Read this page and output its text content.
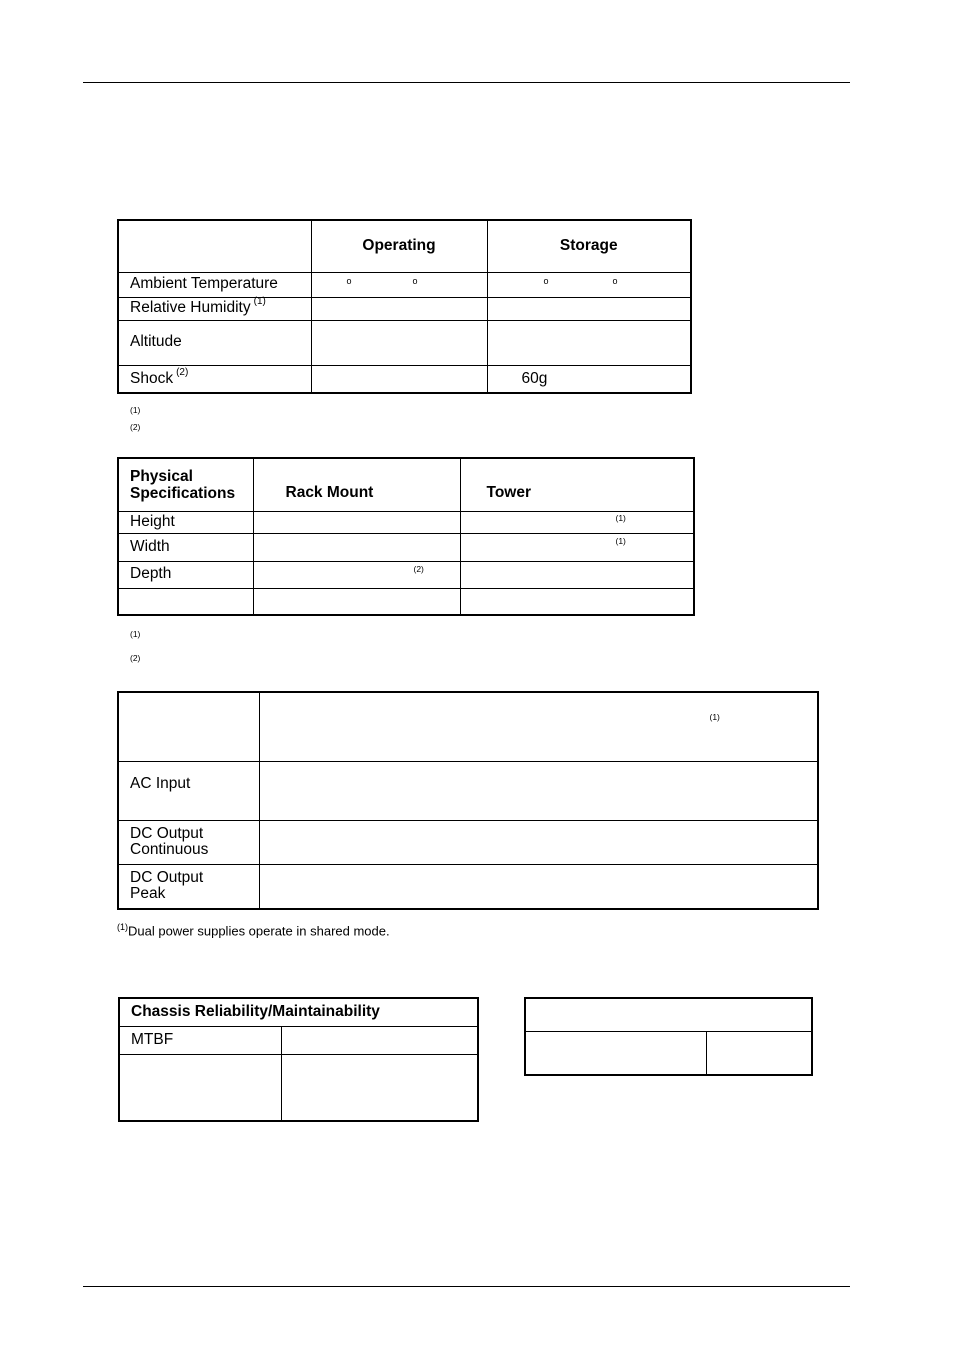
	Operating	Storage
Ambient Temperature	o o	o o

Relative Humidity $^{(1)}$		
Altitude		
Shock $^{(2)}$		60g
(1)
(2)
Physical Specifications	Rack Mount	Tower
Height		(1)

Width		(1)

Depth	(2)	

(1)
(2)

	(1)

AC Input

DC Output
Continuous	
DC Output
Peak	
$^{(1)}$Dual power supplies operate in shared mode.
Chassis Reliability/Maintainability	
MTBF	
